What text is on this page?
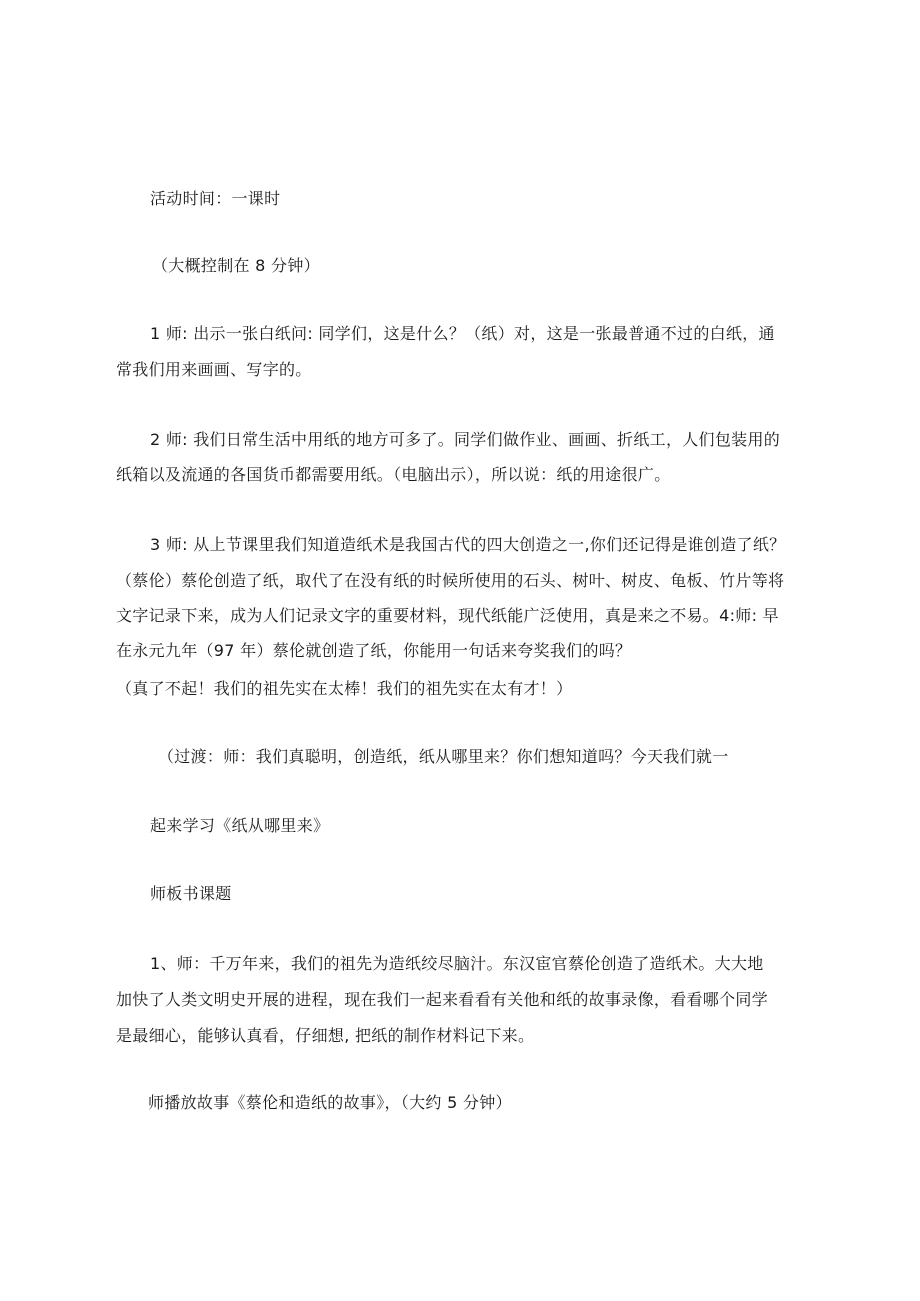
活动时间：一课时
（大概控制在 8 分钟）
1 师: 出示一张白纸问: 同学们，这是什么？（纸）对，这是一张最普通不过的白纸，通
常我们用来画画、写字的。
2 师: 我们日常生活中用纸的地方可多了。同学们做作业、画画、折纸工，人们包装用的
纸箱以及流通的各国货币都需要用纸。（电脑出示），所以说：纸的用途很广。
3 师: 从上节课里我们知道造纸术是我国古代的四大创造之一,你们还记得是谁创造了纸？
（蔡伦）蔡伦创造了纸，取代了在没有纸的时候所使用的石头、树叶、树皮、龟板、竹片等将
文字记录下来，成为人们记录文字的重要材料，现代纸能广泛使用，真是来之不易。4:师: 早
在永元九年（97 年）蔡伦就创造了纸，你能用一句话来夸奖我们的吗？
（真了不起！我们的祖先实在太棒！我们的祖先实在太有才！）
（过渡：师：我们真聪明，创造纸，纸从哪里来？你们想知道吗？今天我们就一
起来学习《纸从哪里来》
师板书课题
1、师：千万年来，我们的祖先为造纸绞尽脑汁。东汉宦官蔡伦创造了造纸术。大大地
加快了人类文明史开展的进程，现在我们一起来看看有关他和纸的故事录像，看看哪个同学
是最细心，能够认真看，仔细想, 把纸的制作材料记下来。
师播放故事《蔡伦和造纸的故事》，（大约 5 分钟）
